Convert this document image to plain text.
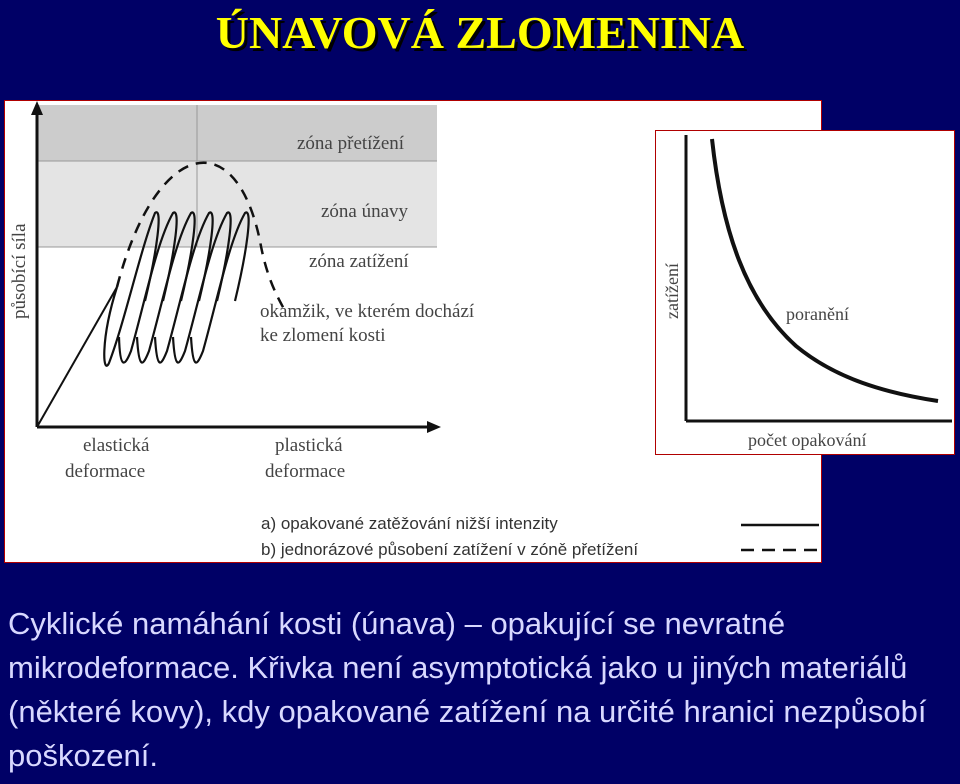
ÚNAVOVÁ ZLOMENINA
působící síla
zóna přetížení
zóna únavy
zóna zatížení
okamžik, ve kterém dochází
ke zlomení kosti
elastická
deformace
plastická
deformace
a) opakované zatěžování nižší intenzity
b) jednorázové působení zatížení v zóně přetížení
zatížení	poranění
počet opakování
Cyklické namáhání kosti (únava) – opakující se nevratné mikrodeformace. Křivka není asymptotická jako u jiných materiálů (některé kovy), kdy opakované zatížení na určité hranici nezpůsobí poškození.
